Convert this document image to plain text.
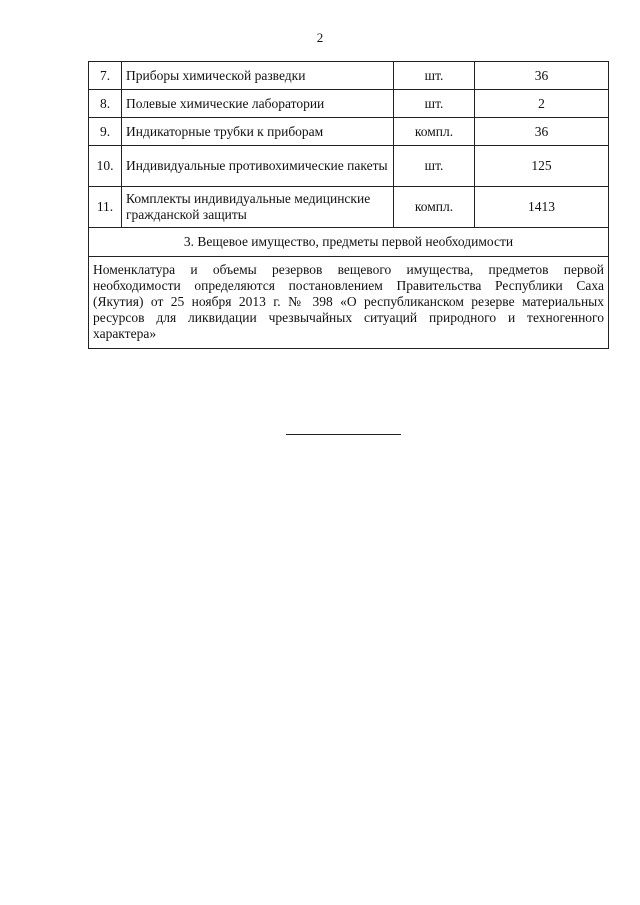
2
7.	Приборы химической разведки	шт.	36
8.	Полевые химические лаборатории	шт.	2
9.	Индикаторные трубки к приборам	компл.	36
10.	Индивидуальные противохимические пакеты	шт.	125
11.	Комплекты индивидуальные медицинские гражданской защиты	компл.	1413
3. Вещевое имущество, предметы первой необходимости			
Номенклатура и объемы резервов вещевого имущества, предметов первой необходимости определяются постановлением Правительства Республики Саха (Якутия) от 25 ноября 2013 г. № 398 «О республиканском резерве материальных ресурсов для ликвидации чрезвычайных ситуаций природного и техногенного характера»			
